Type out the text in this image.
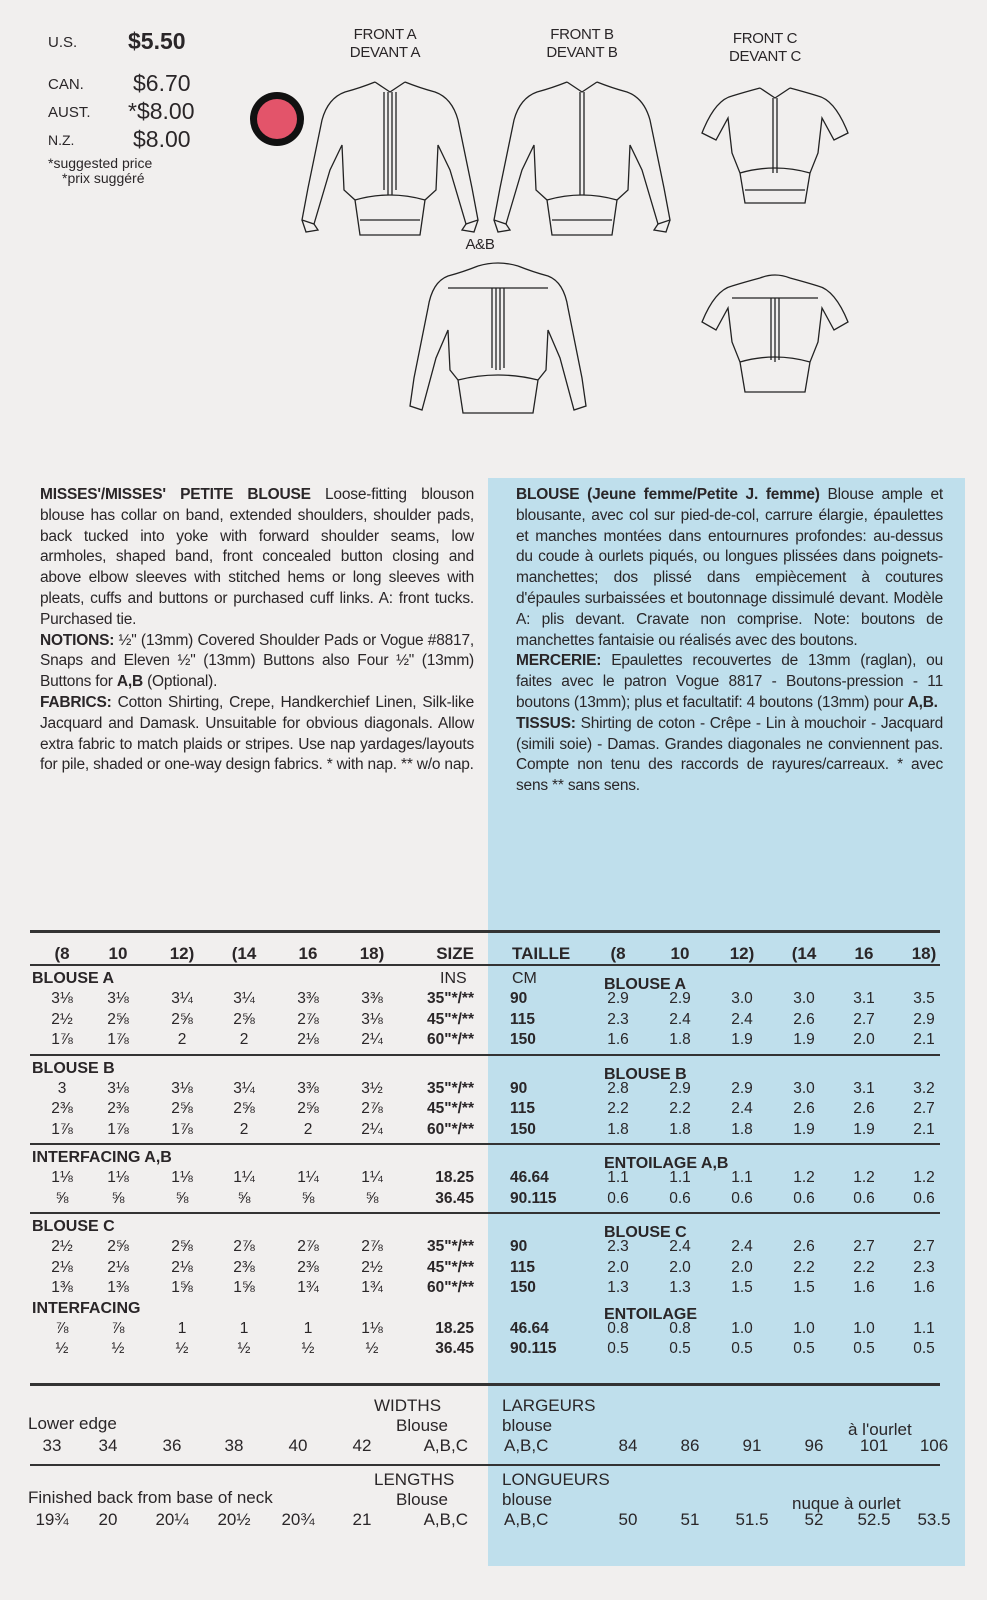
U.S. $5.50
CAN. $6.70
AUST. *$8.00
N.Z.	$8.00
*suggested price
*prix suggéré
FRONT A
DEVANT A
FRONT B
DEVANT B
FRONT C
DEVANT C
A&B
MISSES'/MISSES' PETITE BLOUSE Loose-fitting blouson blouse has collar on band, extended shoulders, shoulder pads, back tucked into yoke with forward shoulder seams, low armholes, shaped band, front concealed button closing and above elbow sleeves with stitched hems or long sleeves with pleats, cuffs and buttons or purchased cuff links. A: front tucks. Purchased tie.
NOTIONS: ½" (13mm) Covered Shoulder Pads or Vogue #8817, Snaps and Eleven ½" (13mm) Buttons also Four ½" (13mm) Buttons for A,B (Optional).
FABRICS: Cotton Shirting, Crepe, Handkerchief Linen, Silk-like Jacquard and Damask. Unsuitable for obvious diagonals. Allow extra fabric to match plaids or stripes. Use nap yardages/layouts for pile, shaded or one-way design fabrics. * with nap. ** w/o nap.
BLOUSE (Jeune femme/Petite J. femme) Blouse ample et blousante, avec col sur pied-de-col, carrure élargie, épaulettes et manches montées dans entournures profondes: au-dessus du coude à ourlets piqués, ou longues plissées dans poignets-manchettes; dos plissé dans empiècement à coutures d'épaules surbaissées et boutonnage dissimulé devant. Modèle A: plis devant. Cravate non comprise. Note: boutons de manchettes fantaisie ou réalisés avec des boutons.
MERCERIE: Epaulettes recouvertes de 13mm (raglan), ou faites avec le patron Vogue 8817 - Boutons-pression - 11 boutons (13mm); plus et facultatif: 4 boutons (13mm) pour A,B.
TISSUS: Shirting de coton - Crêpe - Lin à mouchoir - Jacquard (simili soie) - Damas. Grandes diagonales ne conviennent pas. Compte non tenu des raccords de rayures/carreaux. * avec sens ** sans sens.
(8	10	12)	(14	16	18)	SIZE TAILLE	(8	10	12)	(14	16	18)
BLOUSE A	BLOUSE A
INS	CM
3⅛	3⅛	3¼	3¼	3⅜	3⅜	35"*/** 90	2.9	2.9	3.0	3.0	3.1	3.5
2½	2⅝	2⅝	2⅝	2⅞	3⅛	45"*/** 115	2.3	2.4	2.4	2.6	2.7	2.9
1⅞	1⅞	2	2	2⅛	2¼	60"*/** 150	1.6	1.8	1.9	1.9	2.0	2.1
BLOUSE B	BLOUSE B
3	3⅛	3⅛	3¼	3⅜	3½	35"*/** 90	2.8	2.9	2.9	3.0	3.1	3.2
2⅜	2⅜	2⅝	2⅝	2⅝	2⅞	45"*/** 115	2.2	2.2	2.4	2.6	2.6	2.7
1⅞	1⅞	1⅞	2	2	2¼	60"*/** 150	1.8	1.8	1.8	1.9	1.9	2.1
INTERFACING A,B	ENTOILAGE A,B
1⅛	1⅛	1⅛	1¼	1¼	1¼	18.25 46.64	1.1	1.1	1.1	1.2	1.2	1.2
⅝	⅝	⅝	⅝	⅝	⅝	36.45 90.115	0.6	0.6	0.6	0.6	0.6	0.6
BLOUSE C	BLOUSE C
2½	2⅝	2⅝	2⅞	2⅞	2⅞	35"*/** 90	2.3	2.4	2.4	2.6	2.7	2.7
2⅛	2⅛	2⅛	2⅜	2⅜	2½	45"*/** 115	2.0	2.0	2.0	2.2	2.2	2.3
1⅜	1⅜	1⅝	1⅝	1¾	1¾	60"*/** 150	1.3	1.3	1.5	1.5	1.6	1.6
INTERFACING	ENTOILAGE
⅞	⅞	1	1	1	1⅛	18.25 46.64	0.8	0.8	1.0	1.0	1.0	1.1
½	½	½	½	½	½	36.45 90.115	0.5	0.5	0.5	0.5	0.5	0.5
WIDTHS	LARGEURS
Lower edge	Blouse	blouse	à l'ourlet
33	34	36	38	40	42	A,B,C A,B,C	84	86	91	96	101	106
LENGTHS	LONGUEURS
Finished back from base of neck	Blouse	blouse	nuque à ourlet
19¾	20	20¼	20½	20¾	21	A,B,C A,B,C	50	51	51.5	52	52.5	53.5
